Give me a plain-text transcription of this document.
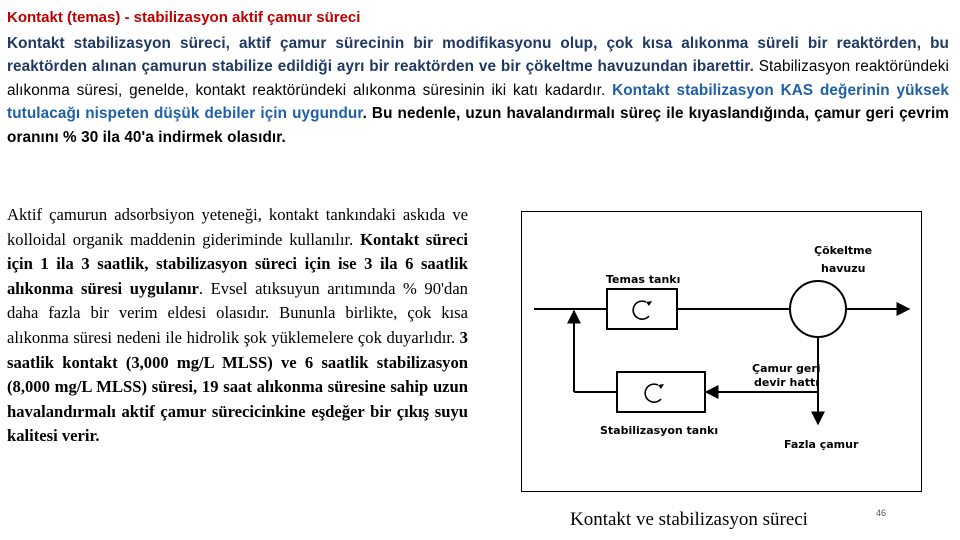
Kontakt (temas) - stabilizasyon aktif çamur süreci

Kontakt stabilizasyon süreci, aktif çamur sürecinin bir modifikasyonu olup, çok kısa alıkonma süreli bir reaktörden, bu reaktörden alınan çamurun stabilize edildiği ayrı bir reaktörden ve bir çökeltme havuzundan ibarettir. Stabilizasyon reaktöründeki alıkonma süresi, genelde, kontakt reaktöründeki alıkonma süresinin iki katı kadardır. Kontakt stabilizasyon KAS değerinin yüksek tutulacağı nispeten düşük debiler için uygundur. Bu nedenle, uzun havalandırmalı süreç ile kıyaslandığında, çamur geri çevrim oranını % 30 ila 40'a indirmek olasıdır.

Aktif çamurun adsorbsiyon yeteneği, kontakt tankındaki askıda ve kolloidal organik maddenin gideriminde kullanılır. Kontakt süreci için 1 ila 3 saatlik, stabilizasyon süreci için ise 3 ila 6 saatlik alıkonma süresi uygulanır. Evsel atıksuyun arıtımında % 90'dan daha fazla bir verim eldesi olasıdır. Bununla birlikte, çok kısa alıkonma süresi nedeni ile hidrolik şok yüklemelere çok duyarlıdır. 3 saatlik kontakt (3,000 mg/L MLSS) ve 6 saatlik stabilizasyon (8,000 mg/L MLSS) süresi, 19 saat alıkonma süresine sahip uzun havalandırmalı aktif çamur sürecicinkine eşdeğer bir çıkış suyu kalitesi verir.

Çökeltme
havuzu
Temas tankı
Çamur geri
devir hattı
Stabilizasyon tankı
Fazla çamur

Kontakt ve stabilizasyon süreci	46
